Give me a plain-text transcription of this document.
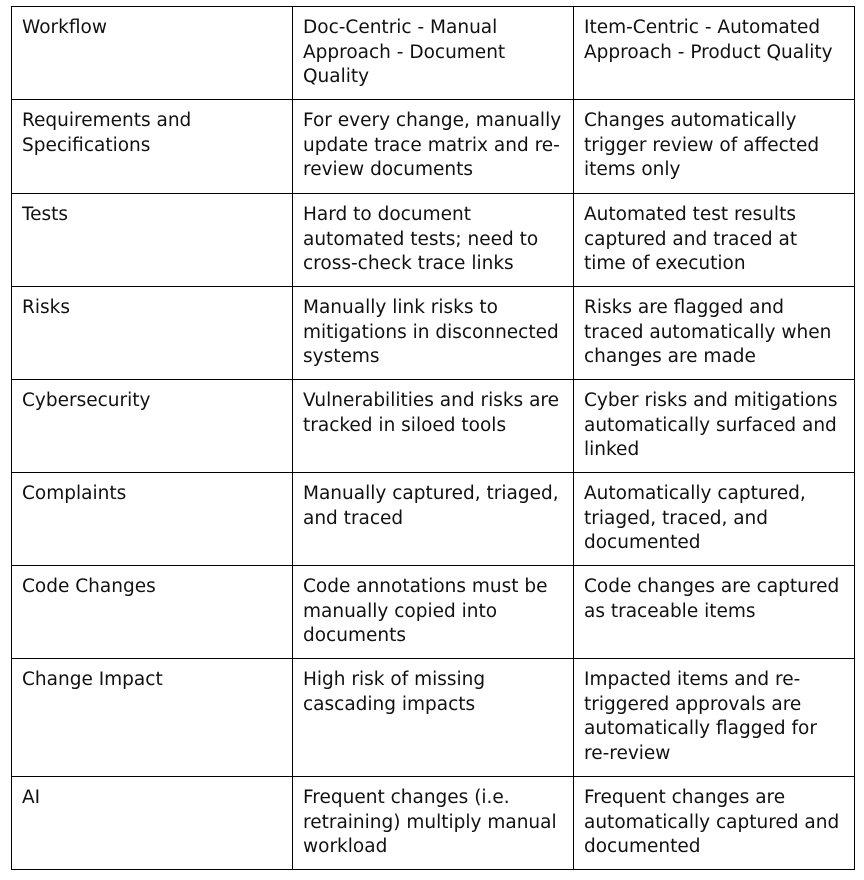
Workflow	Doc-Centric - Manual Approach - Document Quality	Item-Centric - Automated Approach - Product Quality
Requirements and Specifications	For every change, manually update trace matrix and re-review documents	Changes automatically trigger review of affected items only
Tests	Hard to document automated tests; need to cross-check trace links	Automated test results captured and traced at time of execution
Risks	Manually link risks to mitigations in disconnected systems	Risks are flagged and traced automatically when changes are made
Cybersecurity	Vulnerabilities and risks are tracked in siloed tools	Cyber risks and mitigations automatically surfaced and linked
Complaints	Manually captured, triaged, and traced	Automatically captured, triaged, traced, and documented
Code Changes	Code annotations must be manually copied into documents	Code changes are captured as traceable items
Change Impact	High risk of missing cascading impacts	Impacted items and re-triggered approvals are automatically flagged for re-review
AI	Frequent changes (i.e. retraining) multiply manual workload	Frequent changes are automatically captured and documented
